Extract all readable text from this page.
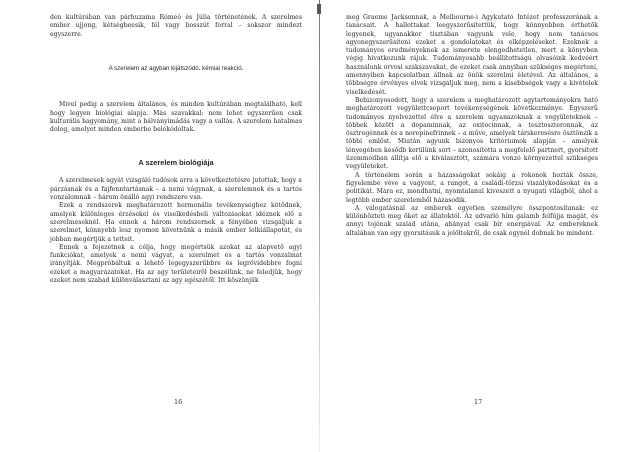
den kultúrában van párhuzama Rómeó és Júlia történetének. A szerelmes ember ujjong, kétségbeesik, fél vagy bosszút forral – sokszor mindezt egyszerre.

A szerelem az agyban kijátszódó, kémiai reakció.

Mivel pedig a szerelem általános, és minden kultúrában megtalálható, kell hogy legyen biológiai alapja. Más szavakkal: nem lehet egyszerűen csak kulturális hagyomány, mint a bálványimádás vagy a vallás. A szerelem hatalmas dolog, amelyet minden emberbe belekódoltak.

A szerelem biológiája

A szerelmesek agyát vizsgáló tudósok arra a következtetésre jutottak, hogy a párzásnak és a fajfenntartásnak – a nemi vágynak, a szerelemnek és a tartós vonzalomnak – három önálló agyi rendszere van.

Ezek a rendszerek meghatározott hormonális tevékenységhez kötődnek, amelyek különleges érzésekel és viselkedésbeli változásokat idéznek elő a szerelmeseknél. Ha ennek a három rendszernek a fényében vizsgáljuk a szerelmet, könnyebb lesz nyomon követnünk a másik ember lelkiállapotát, és jobban megértjük a tetteit.

Ennek a fejezetnek a célja, hogy megértsük azokat az alapvető agyi funkciókat, amelyek a nemi vágyat, a szerelmet és a tartós vonzalmat irányítják. Megpróbáltuk a lehető legegyszerűbbre és legrövidebbre fogni ezeket a magyarázatokat. Ha az agy területeiről beszélünk, ne feledjük, hogy ezeket nem szabad különválasztani az agy egészétől. Itt köszönjük

meg Graeme Jacksonnak, a Melbourne-i Agykutató Intézet professzorának a tanácsait. A hallottakat leegyszerűsítettük, hogy könnyebben érthetők legyenek, ugyanakkor tisztában vagyunk vele, hogy nem tanácsos agyonegyszerűsíteni ezeket a gondolatokat és elképzeléseket. Ezeknek a tudományos eredményeknek az ismerete elengedhetetlen, mert a könyvben végig hivatkozunk rájuk. Tudományosabb beállítottságú olvasóink kedvéért használunk orvosi szakszavakat, de ezeket csak annyiban szükséges megérteni, amennyiben kapcsolatban állnak az önök szerelmi életével. Az általános, a többségre érvényes elvek vizsgáljuk meg, nem a kisebbségek vagy a kivételek viselkedését.

Bebizonyosodott, hogy a szerelem a meghatározott agytartományokra ható meghatározott vegyülettcsoport tevékenységének következménye. Egyszerű tudományos nyelvezettel élve a szerelem ugyanazoknak a vegyületeknek – többek között a dopaminnak, az oxitocinnak, a tesztoszteronnak, az ösztrogénnek és a norepinefrinnek – a műve, amelyek társkeresésre ösztönzik a többi emlőst. Miután agyunk bizonyos kritériumok alapján – amelyek lényegében késődb kerülünk sort – azonosította a megfelelő partnert, gyorsított üzemmódban állítja elő a kiválasztott, számára vonzó környezettel szükséges vegyületeket.

A történelem során a házasságokat sokáig a rokonok hozták össze, figyelembe véve a vagyont, a rangot, a családi-törzsi viszálykodásokat és a politikát. Mára ez, mondhatni, nyomtalanul kiveszett a nyugati világból, ahol a legtöbb ember szerelemből házasodik.

A válogatásnál az emberek egyetlen személyre összpontosítanak: ez különbözteti meg őket az állatoktól. Az udvarló hím galamb felfújja magát, és annyi tojónak szalad utána, ahányat csak bír energiával. Az embereknek általában van egy gyorsításuk a jelöltekről, de csak egynél dobnak be mindent.

16	17
